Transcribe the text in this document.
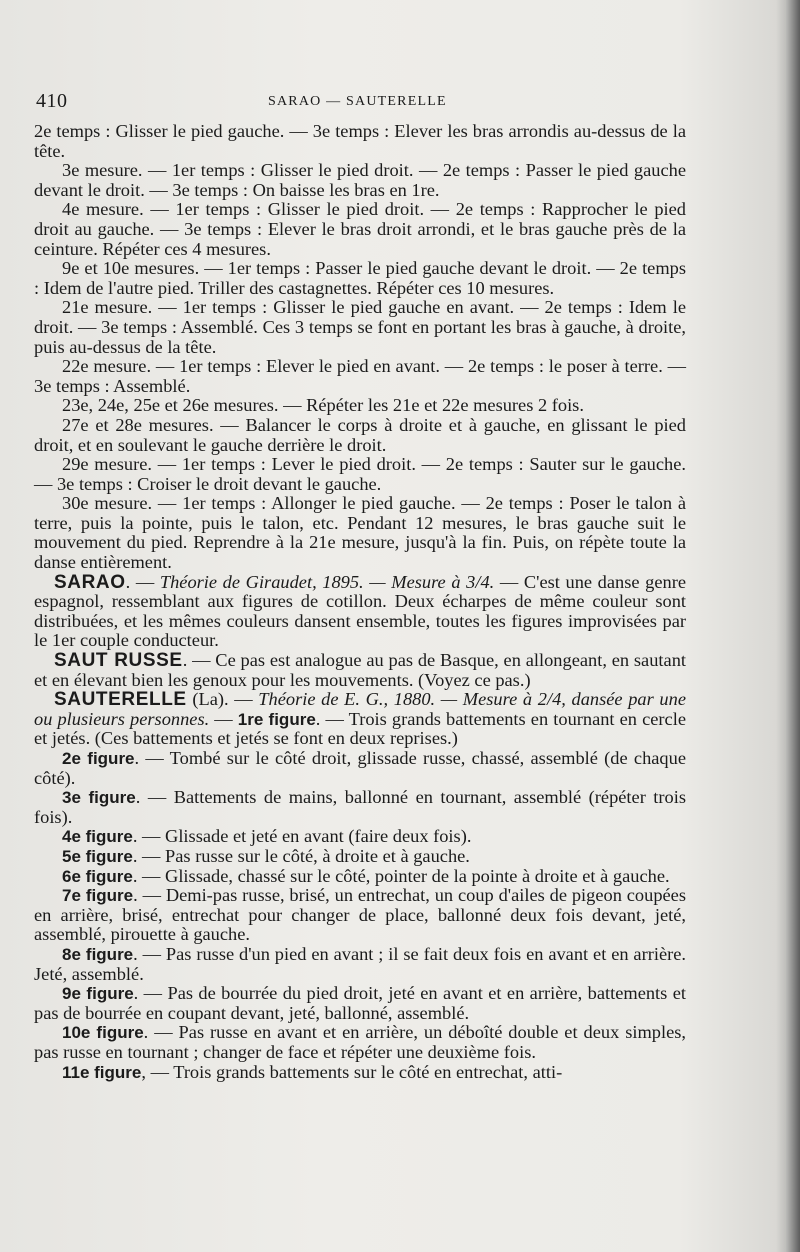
410	SARAO — SAUTERELLE

2e temps : Glisser le pied gauche. — 3e temps : Elever les bras arrondis au-dessus de la tête.

3e mesure. — 1er temps : Glisser le pied droit. — 2e temps : Passer le pied gauche devant le droit. — 3e temps : On baisse les bras en 1re.

4e mesure. — 1er temps : Glisser le pied droit. — 2e temps : Rapprocher le pied droit au gauche. — 3e temps : Elever le bras droit arrondi, et le bras gauche près de la ceinture. Répéter ces 4 mesures.

9e et 10e mesures. — 1er temps : Passer le pied gauche devant le droit. — 2e temps : Idem de l'autre pied. Triller des castagnettes. Répéter ces 10 mesures.

21e mesure. — 1er temps : Glisser le pied gauche en avant. — 2e temps : Idem le droit. — 3e temps : Assemblé. Ces 3 temps se font en portant les bras à gauche, à droite, puis au-dessus de la tête.

22e mesure. — 1er temps : Elever le pied en avant. — 2e temps : le poser à terre. — 3e temps : Assemblé.

23e, 24e, 25e et 26e mesures. — Répéter les 21e et 22e mesures 2 fois.

27e et 28e mesures. — Balancer le corps à droite et à gauche, en glissant le pied droit, et en soulevant le gauche derrière le droit.

29e mesure. — 1er temps : Lever le pied droit. — 2e temps : Sauter sur le gauche. — 3e temps : Croiser le droit devant le gauche.

30e mesure. — 1er temps : Allonger le pied gauche. — 2e temps : Poser le talon à terre, puis la pointe, puis le talon, etc. Pendant 12 mesures, le bras gauche suit le mouvement du pied. Reprendre à la 21e mesure, jusqu'à la fin. Puis, on répète toute la danse entièrement.

SARAO. — Théorie de Giraudet, 1895. — Mesure à 3/4. — C'est une danse genre espagnol, ressemblant aux figures de cotillon. Deux écharpes de même couleur sont distribuées, et les mêmes couleurs dansent ensemble, toutes les figures improvisées par le 1er couple conducteur.

SAUT RUSSE. — Ce pas est analogue au pas de Basque, en allongeant, en sautant et en élevant bien les genoux pour les mouvements. (Voyez ce pas.)

SAUTERELLE (La). — Théorie de E. G., 1880. — Mesure à 2/4, dansée par une ou plusieurs personnes. — 1re figure. — Trois grands battements en tournant en cercle et jetés. (Ces battements et jetés se font en deux reprises.)

2e figure. — Tombé sur le côté droit, glissade russe, chassé, assemblé (de chaque côté).

3e figure. — Battements de mains, ballonné en tournant, assemblé (répéter trois fois).

4e figure. — Glissade et jeté en avant (faire deux fois).

5e figure. — Pas russe sur le côté, à droite et à gauche.

6e figure. — Glissade, chassé sur le côté, pointer de la pointe à droite et à gauche.

7e figure. — Demi-pas russe, brisé, un entrechat, un coup d'ailes de pigeon coupées en arrière, brisé, entrechat pour changer de place, ballonné deux fois devant, jeté, assemblé, pirouette à gauche.

8e figure. — Pas russe d'un pied en avant ; il se fait deux fois en avant et en arrière. Jeté, assemblé.

9e figure. — Pas de bourrée du pied droit, jeté en avant et en arrière, battements et pas de bourrée en coupant devant, jeté, ballonné, assemblé.

10e figure. — Pas russe en avant et en arrière, un déboîté double et deux simples, pas russe en tournant ; changer de face et répéter une deuxième fois.

11e figure, — Trois grands battements sur le côté en entrechat, atti-
